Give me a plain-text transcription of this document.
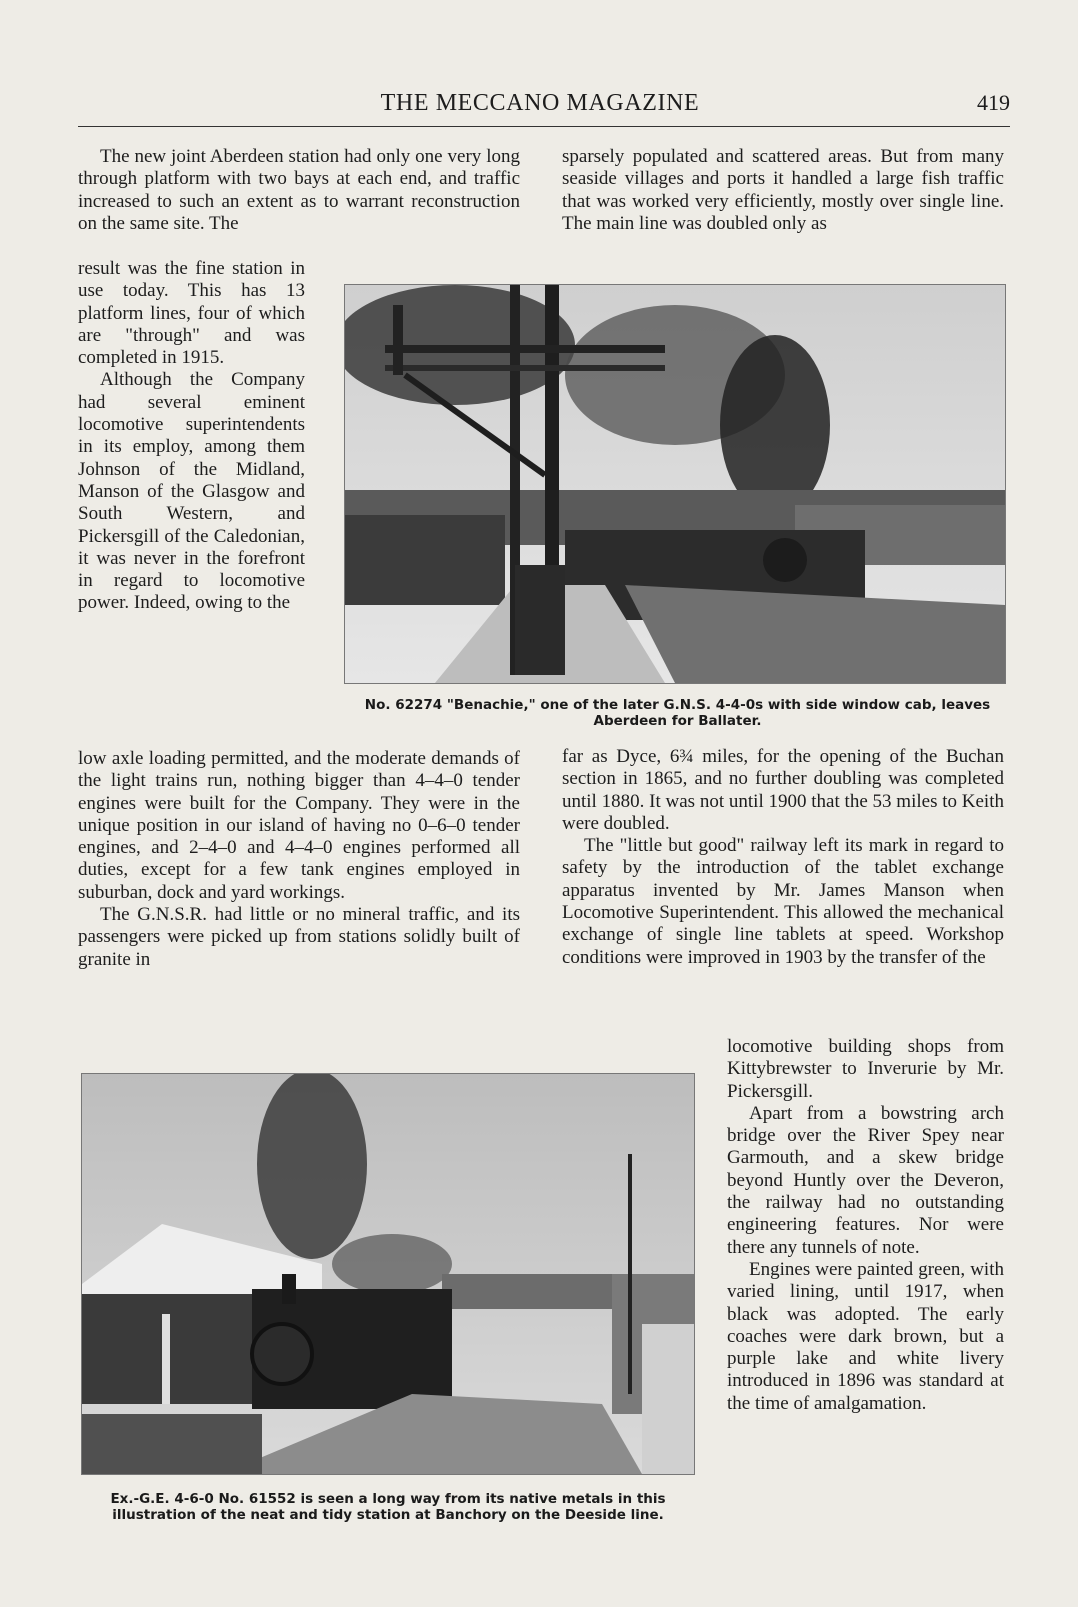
THE MECCANO MAGAZINE	419

The new joint Aberdeen station had only one very long through platform with two bays at each end, and traffic increased to such an extent as to warrant reconstruction on the same site. The

result was the fine station in use today. This has 13 platform lines, four of which are "through" and was completed in 1915.

Although the Company had several eminent locomotive superintendents in its employ, among them Johnson of the Midland, Manson of the Glasgow and South Western, and Pickersgill of the Caledonian, it was never in the forefront in regard to locomotive power. Indeed, owing to the

low axle loading permitted, and the moderate demands of the light trains run, nothing bigger than 4–4–0 tender engines were built for the Company. They were in the unique position in our island of having no 0–6–0 tender engines, and 2–4–0 and 4–4–0 engines performed all duties, except for a few tank engines employed in suburban, dock and yard workings.

The G.N.S.R. had little or no mineral traffic, and its passengers were picked up from stations solidly built of granite in

sparsely populated and scattered areas. But from many seaside villages and ports it handled a large fish traffic that was worked very efficiently, mostly over single line. The main line was doubled only as

far as Dyce, 6¾ miles, for the opening of the Buchan section in 1865, and no further doubling was completed until 1880. It was not until 1900 that the 53 miles to Keith were doubled.

The "little but good" railway left its mark in regard to safety by the introduction of the tablet exchange apparatus invented by Mr. James Manson when Locomotive Superintendent. This allowed the mechanical exchange of single line tablets at speed. Workshop conditions were improved in 1903 by the transfer of the

locomotive building shops from Kittybrewster to Inverurie by Mr. Pickersgill.

Apart from a bowstring arch bridge over the River Spey near Garmouth, and a skew bridge beyond Huntly over the Deveron, the railway had no outstanding engineering features. Nor were there any tunnels of note.

Engines were painted green, with varied lining, until 1917, when black was adopted. The early coaches were dark brown, but a purple lake and white livery introduced in 1896 was standard at the time of amalgamation.

No. 62274 "Benachie," one of the later G.N.S. 4-4-0s with side window cab, leaves Aberdeen for Ballater.

Ex.-G.E. 4-6-0 No. 61552 is seen a long way from its native metals in this illustration of the neat and tidy station at Banchory on the Deeside line.
